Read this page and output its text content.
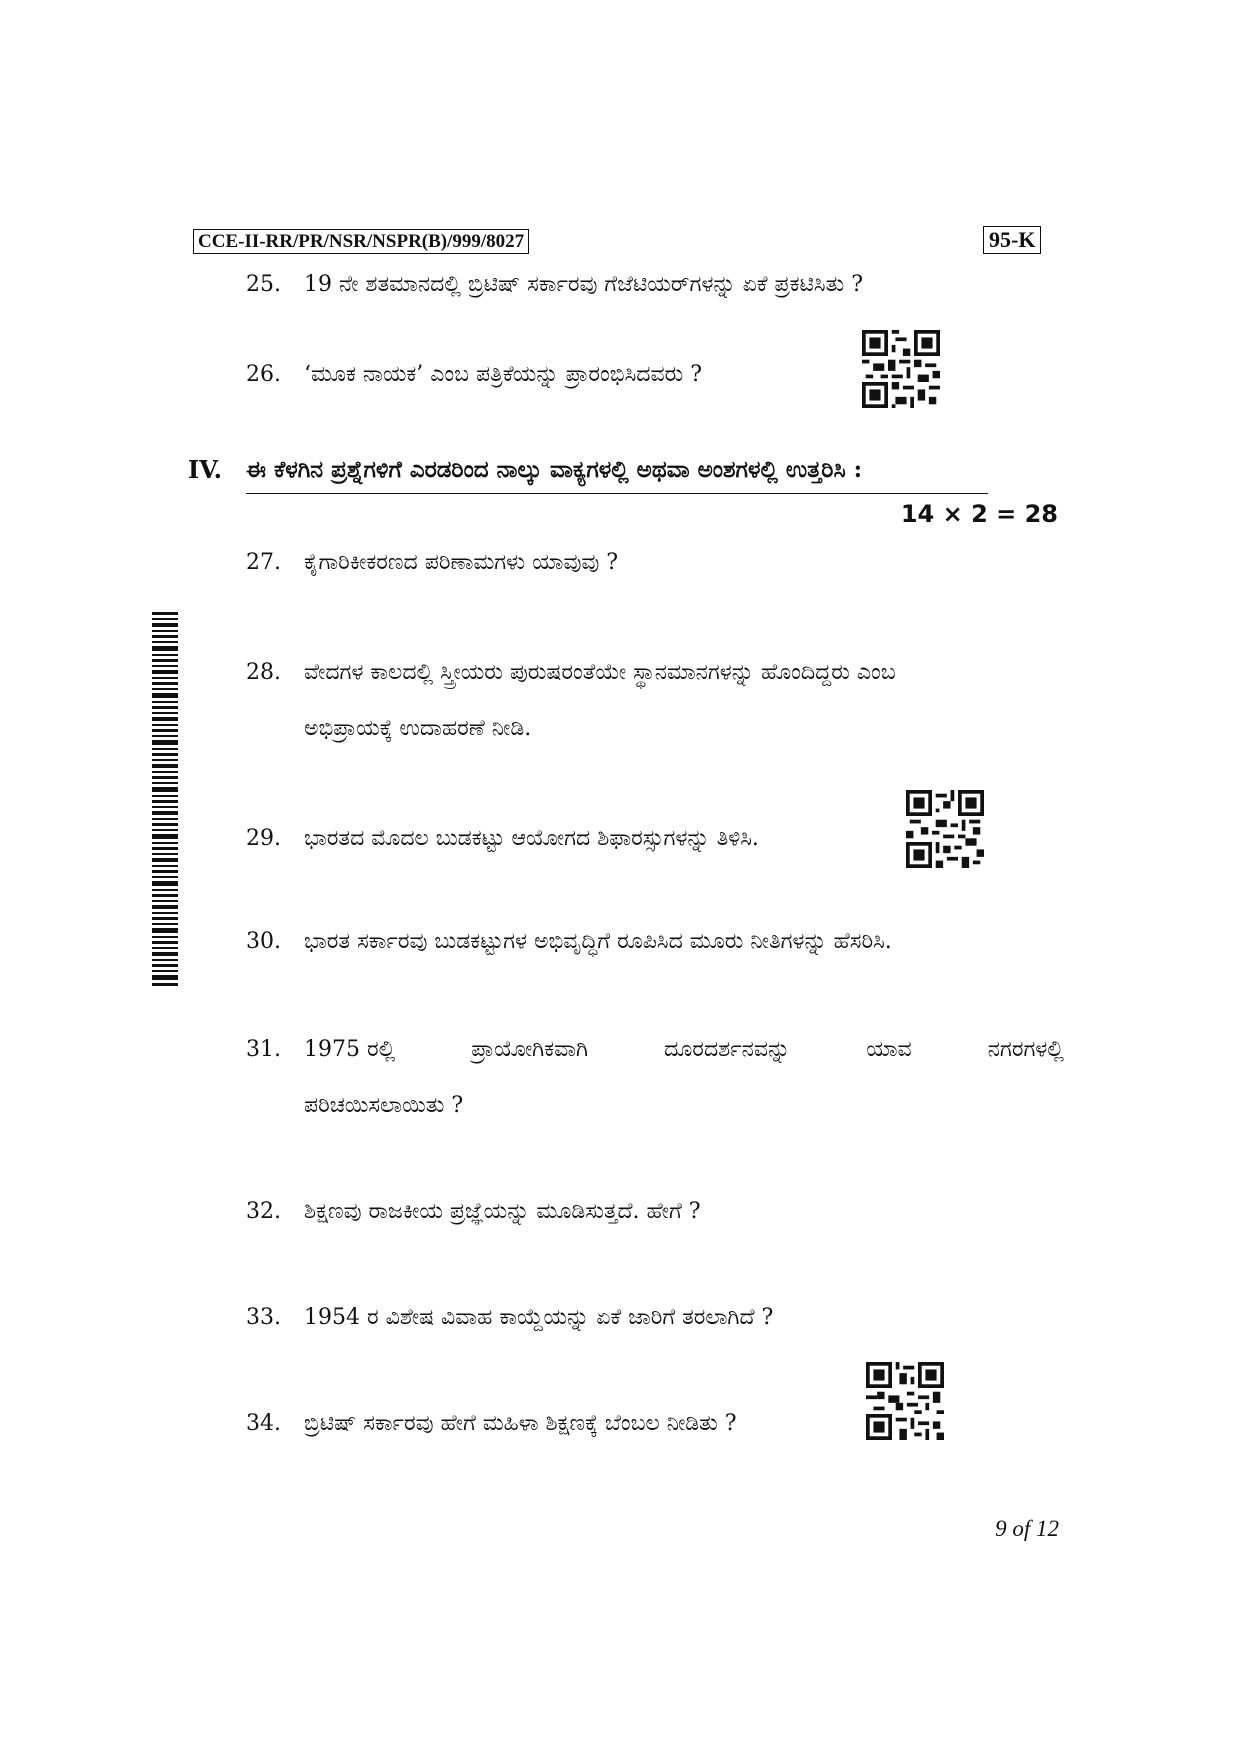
CCE-II-RR/PR/NSR/NSPR(B)/999/8027	95-K
25. 19 ನೇ ಶತಮಾನದಲ್ಲಿ ಬ್ರಿಟಿಷ್ ಸರ್ಕಾರವು ಗೆಜೆಟಿಯರ್‌ಗಳನ್ನು ಏಕೆ ಪ್ರಕಟಿಸಿತು ?
26. ‘ಮೂಕ ನಾಯಕ’ ಎಂಬ ಪತ್ರಿಕೆಯನ್ನು ಪ್ರಾರಂಭಿಸಿದವರು ?
IV. ಈ ಕೆಳಗಿನ ಪ್ರಶ್ನೆಗಳಿಗೆ ಎರಡರಿಂದ ನಾಲ್ಕು ವಾಕ್ಯಗಳಲ್ಲಿ ಅಥವಾ ಅಂಶಗಳಲ್ಲಿ ಉತ್ತರಿಸಿ :
14 × 2 = 28
27. ಕೈಗಾರಿಕೀಕರಣದ ಪರಿಣಾಮಗಳು ಯಾವುವು ?
28. ವೇದಗಳ ಕಾಲದಲ್ಲಿ ಸ್ತ್ರೀಯರು ಪುರುಷರಂತೆಯೇ ಸ್ಥಾನಮಾನಗಳನ್ನು ಹೊಂದಿದ್ದರು ಎಂಬ
ಅಭಿಪ್ರಾಯಕ್ಕೆ ಉದಾಹರಣೆ ನೀಡಿ.
29. ಭಾರತದ ಮೊದಲ ಬುಡಕಟ್ಟು ಆಯೋಗದ ಶಿಫಾರಸ್ಸುಗಳನ್ನು ತಿಳಿಸಿ.
30. ಭಾರತ ಸರ್ಕಾರವು ಬುಡಕಟ್ಟುಗಳ ಅಭಿವೃದ್ಧಿಗೆ ರೂಪಿಸಿದ ಮೂರು ನೀತಿಗಳನ್ನು ಹೆಸರಿಸಿ.
31. 1975 ರಲ್ಲಿ	ಪ್ರಾಯೋಗಿಕವಾಗಿ	ದೂರದರ್ಶನವನ್ನು	ಯಾವ	ನಗರಗಳಲ್ಲಿ
ಪರಿಚಯಿಸಲಾಯಿತು ?
32. ಶಿಕ್ಷಣವು ರಾಜಕೀಯ ಪ್ರಜ್ಞೆಯನ್ನು ಮೂಡಿಸುತ್ತದೆ. ಹೇಗೆ ?
33. 1954 ರ ವಿಶೇಷ ವಿವಾಹ ಕಾಯ್ದೆಯನ್ನು ಏಕೆ ಜಾರಿಗೆ ತರಲಾಗಿದೆ ?
34. ಬ್ರಿಟಿಷ್ ಸರ್ಕಾರವು ಹೇಗೆ ಮಹಿಳಾ ಶಿಕ್ಷಣಕ್ಕೆ ಬೆಂಬಲ ನೀಡಿತು ?
9 of 12
